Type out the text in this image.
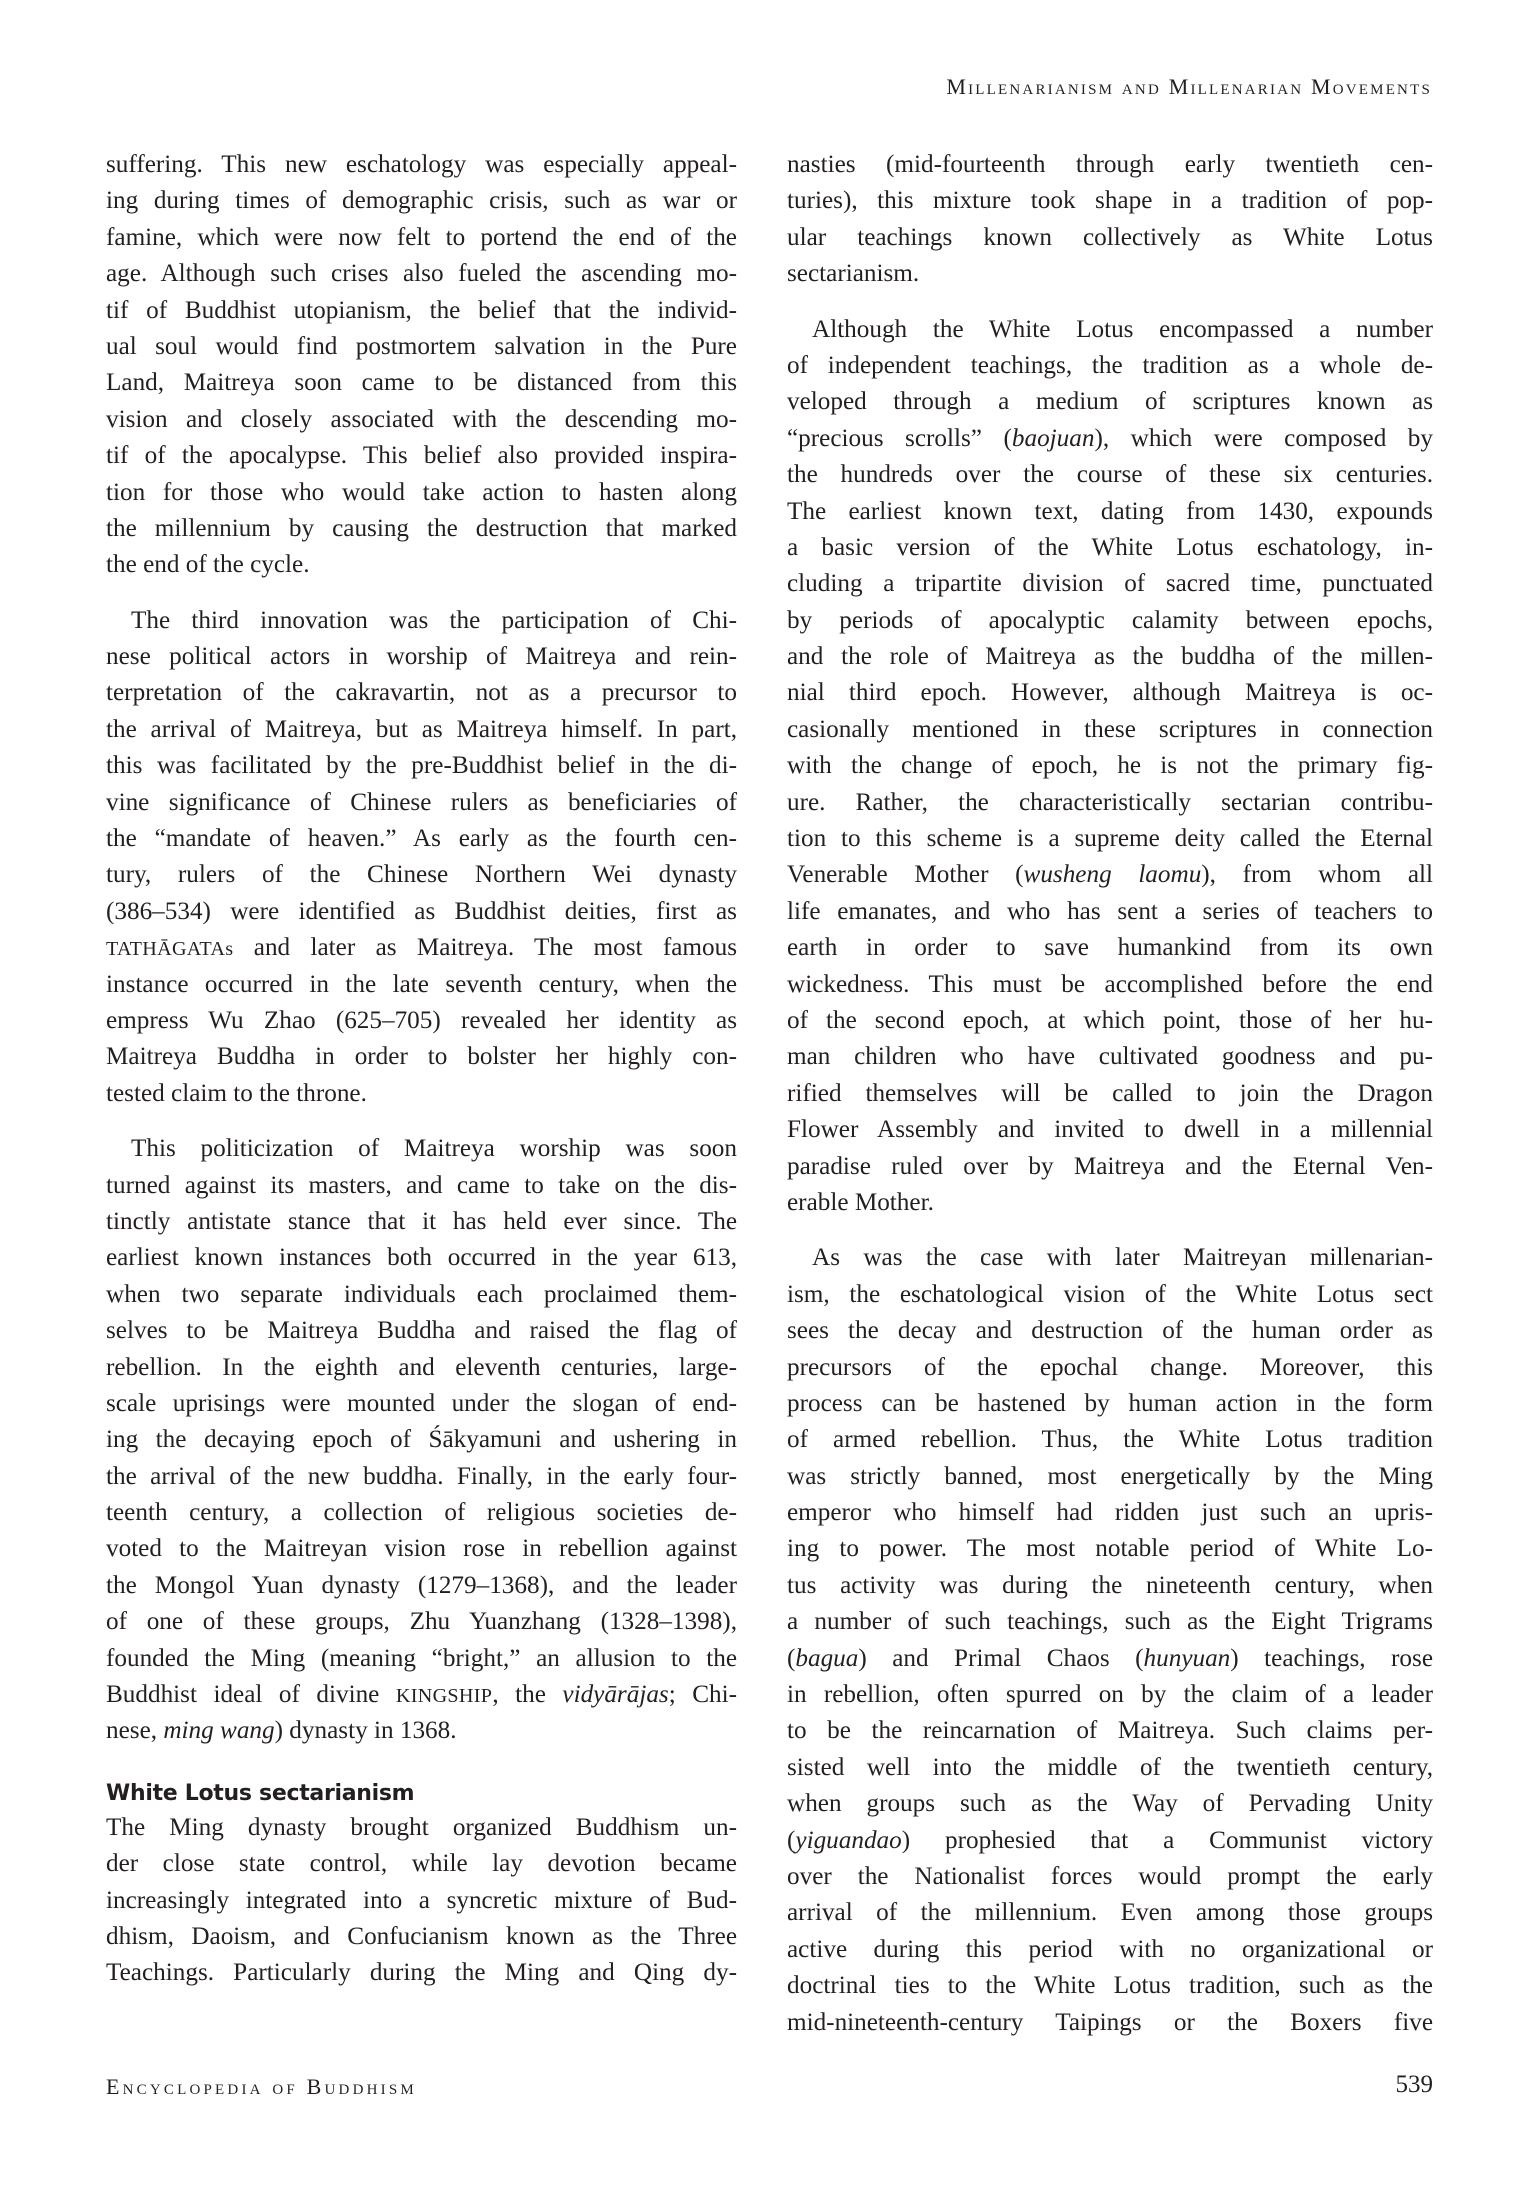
Millenarianism and Millenarian Movements
suffering. This new eschatology was especially appeal-
ing during times of demographic crisis, such as war or
famine, which were now felt to portend the end of the
age. Although such crises also fueled the ascending mo-
tif of Buddhist utopianism, the belief that the individ-
ual soul would find postmortem salvation in the Pure
Land, Maitreya soon came to be distanced from this
vision and closely associated with the descending mo-
tif of the apocalypse. This belief also provided inspira-
tion for those who would take action to hasten along
the millennium by causing the destruction that marked
the end of the cycle.
The third innovation was the participation of Chi-
nese political actors in worship of Maitreya and rein-
terpretation of the cakravartin, not as a precursor to
the arrival of Maitreya, but as Maitreya himself. In part,
this was facilitated by the pre-Buddhist belief in the di-
vine significance of Chinese rulers as beneficiaries of
the “mandate of heaven.” As early as the fourth cen-
tury, rulers of the Chinese Northern Wei dynasty
(386–534) were identified as Buddhist deities, first as
TATHĀGATAs and later as Maitreya. The most famous
instance occurred in the late seventh century, when the
empress Wu Zhao (625–705) revealed her identity as
Maitreya Buddha in order to bolster her highly con-
tested claim to the throne.
This politicization of Maitreya worship was soon
turned against its masters, and came to take on the dis-
tinctly antistate stance that it has held ever since. The
earliest known instances both occurred in the year 613,
when two separate individuals each proclaimed them-
selves to be Maitreya Buddha and raised the flag of
rebellion. In the eighth and eleventh centuries, large-
scale uprisings were mounted under the slogan of end-
ing the decaying epoch of Śākyamuni and ushering in
the arrival of the new buddha. Finally, in the early four-
teenth century, a collection of religious societies de-
voted to the Maitreyan vision rose in rebellion against
the Mongol Yuan dynasty (1279–1368), and the leader
of one of these groups, Zhu Yuanzhang (1328–1398),
founded the Ming (meaning “bright,” an allusion to the
Buddhist ideal of divine KINGSHIP, the vidyārājas; Chi-
nese, ming wang) dynasty in 1368.
White Lotus sectarianism
The Ming dynasty brought organized Buddhism un-
der close state control, while lay devotion became
increasingly integrated into a syncretic mixture of Bud-
dhism, Daoism, and Confucianism known as the Three
Teachings. Particularly during the Ming and Qing dy-
nasties (mid-fourteenth through early twentieth cen-
turies), this mixture took shape in a tradition of pop-
ular teachings known collectively as White Lotus
sectarianism.
Although the White Lotus encompassed a number
of independent teachings, the tradition as a whole de-
veloped through a medium of scriptures known as
“precious scrolls” (baojuan), which were composed by
the hundreds over the course of these six centuries.
The earliest known text, dating from 1430, expounds
a basic version of the White Lotus eschatology, in-
cluding a tripartite division of sacred time, punctuated
by periods of apocalyptic calamity between epochs,
and the role of Maitreya as the buddha of the millen-
nial third epoch. However, although Maitreya is oc-
casionally mentioned in these scriptures in connection
with the change of epoch, he is not the primary fig-
ure. Rather, the characteristically sectarian contribu-
tion to this scheme is a supreme deity called the Eternal
Venerable Mother (wusheng laomu), from whom all
life emanates, and who has sent a series of teachers to
earth in order to save humankind from its own
wickedness. This must be accomplished before the end
of the second epoch, at which point, those of her hu-
man children who have cultivated goodness and pu-
rified themselves will be called to join the Dragon
Flower Assembly and invited to dwell in a millennial
paradise ruled over by Maitreya and the Eternal Ven-
erable Mother.
As was the case with later Maitreyan millenarian-
ism, the eschatological vision of the White Lotus sect
sees the decay and destruction of the human order as
precursors of the epochal change. Moreover, this
process can be hastened by human action in the form
of armed rebellion. Thus, the White Lotus tradition
was strictly banned, most energetically by the Ming
emperor who himself had ridden just such an upris-
ing to power. The most notable period of White Lo-
tus activity was during the nineteenth century, when
a number of such teachings, such as the Eight Trigrams
(bagua) and Primal Chaos (hunyuan) teachings, rose
in rebellion, often spurred on by the claim of a leader
to be the reincarnation of Maitreya. Such claims per-
sisted well into the middle of the twentieth century,
when groups such as the Way of Pervading Unity
(yiguandao) prophesied that a Communist victory
over the Nationalist forces would prompt the early
arrival of the millennium. Even among those groups
active during this period with no organizational or
doctrinal ties to the White Lotus tradition, such as the
mid-nineteenth-century Taipings or the Boxers five
Encyclopedia of Buddhism	539
